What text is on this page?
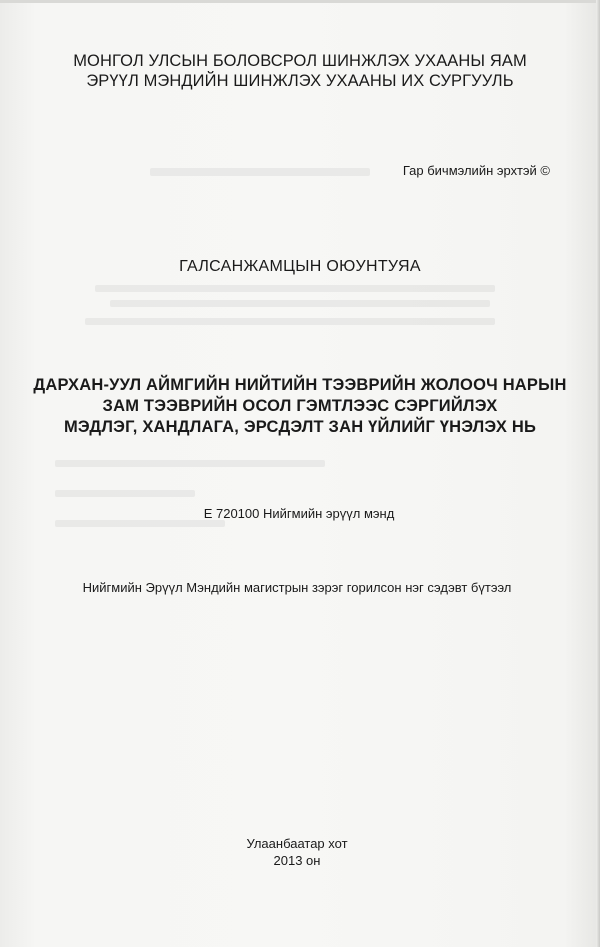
МОНГОЛ УЛСЫН БОЛОВСРОЛ ШИНЖЛЭХ УХААНЫ ЯАМ
ЭРҮҮЛ МЭНДИЙН ШИНЖЛЭХ УХААНЫ ИХ СУРГУУЛЬ
Гар бичмэлийн эрхтэй ©
ГАЛСАНЖАМЦЫН ОЮУНТУЯА
ДАРХАН-УУЛ АЙМГИЙН НИЙТИЙН ТЭЭВРИЙН ЖОЛООЧ НАРЫН
ЗАМ ТЭЭВРИЙН ОСОЛ ГЭМТЛЭЭС СЭРГИЙЛЭХ
МЭДЛЭГ, ХАНДЛАГА, ЭРСДЭЛТ ЗАН ҮЙЛИЙГ ҮНЭЛЭХ НЬ
Е 720100 Нийгмийн эрүүл мэнд
Нийгмийн Эрүүл Мэндийн магистрын зэрэг горилсон нэг сэдэвт бүтээл
Улаанбаатар хот
2013 он
